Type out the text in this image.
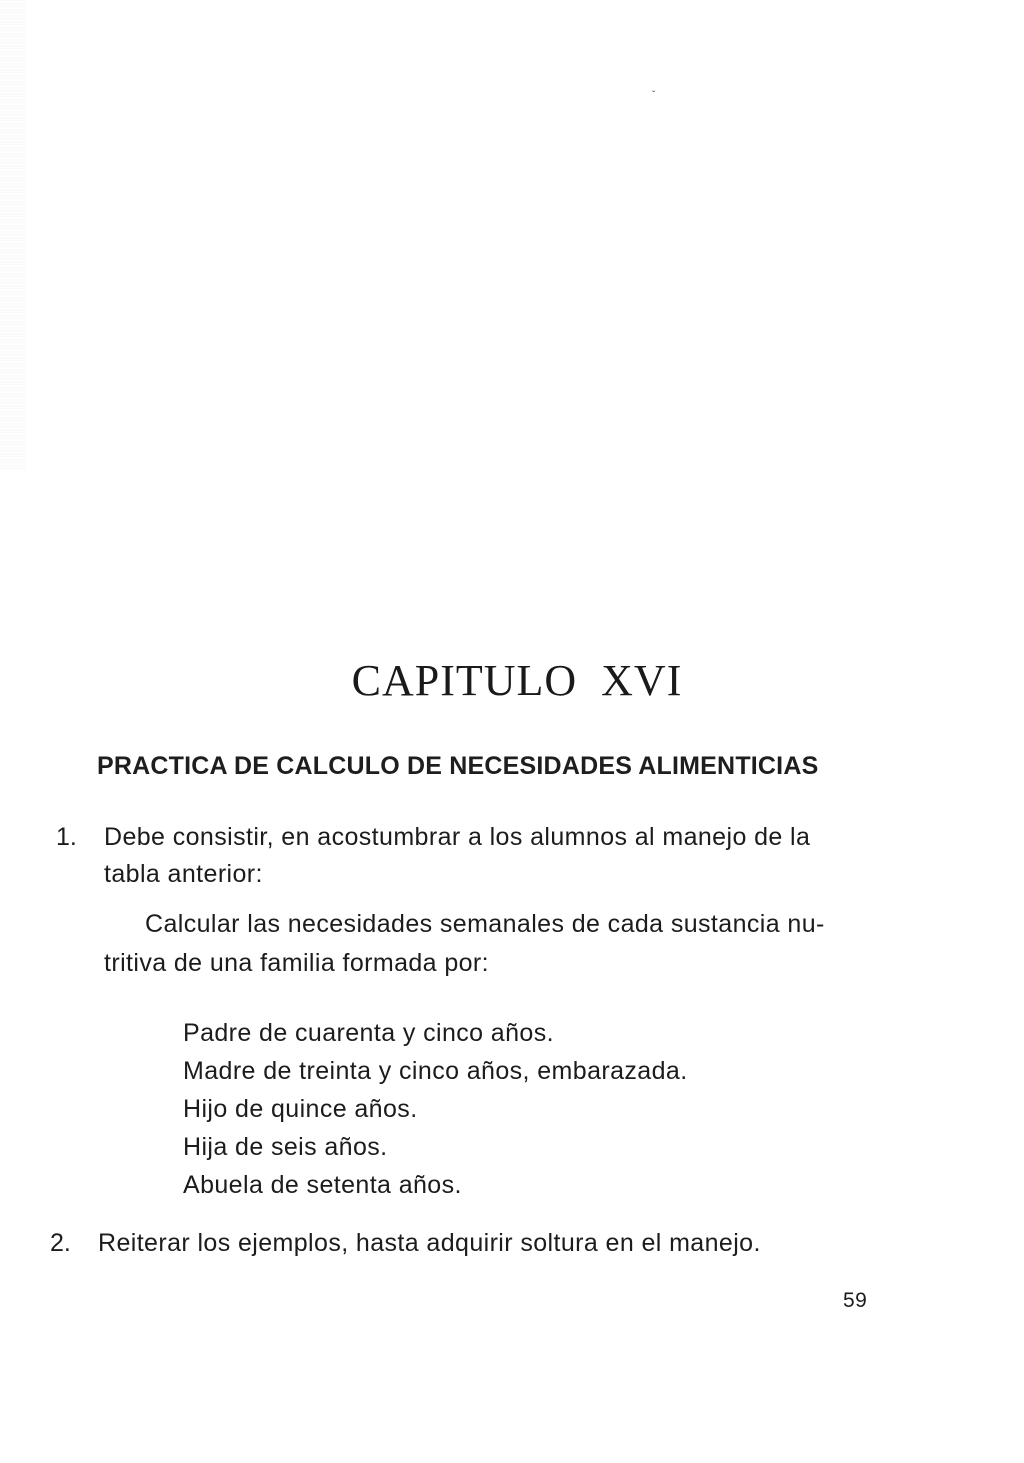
ˬ
CAPITULO XVI
PRACTICA DE CALCULO DE NECESIDADES ALIMENTICIAS

1. Debe consistir, en acostumbrar a los alumnos al manejo de la

tabla anterior:

Calcular las necesidades semanales de cada sustancia nu-

tritiva de una familia formada por:

Padre de cuarenta y cinco años.

Madre de treinta y cinco años, embarazada.

Hijo de quince años.

Hija de seis años.

Abuela de setenta años.

2. Reiterar los ejemplos, hasta adquirir soltura en el manejo.

59
